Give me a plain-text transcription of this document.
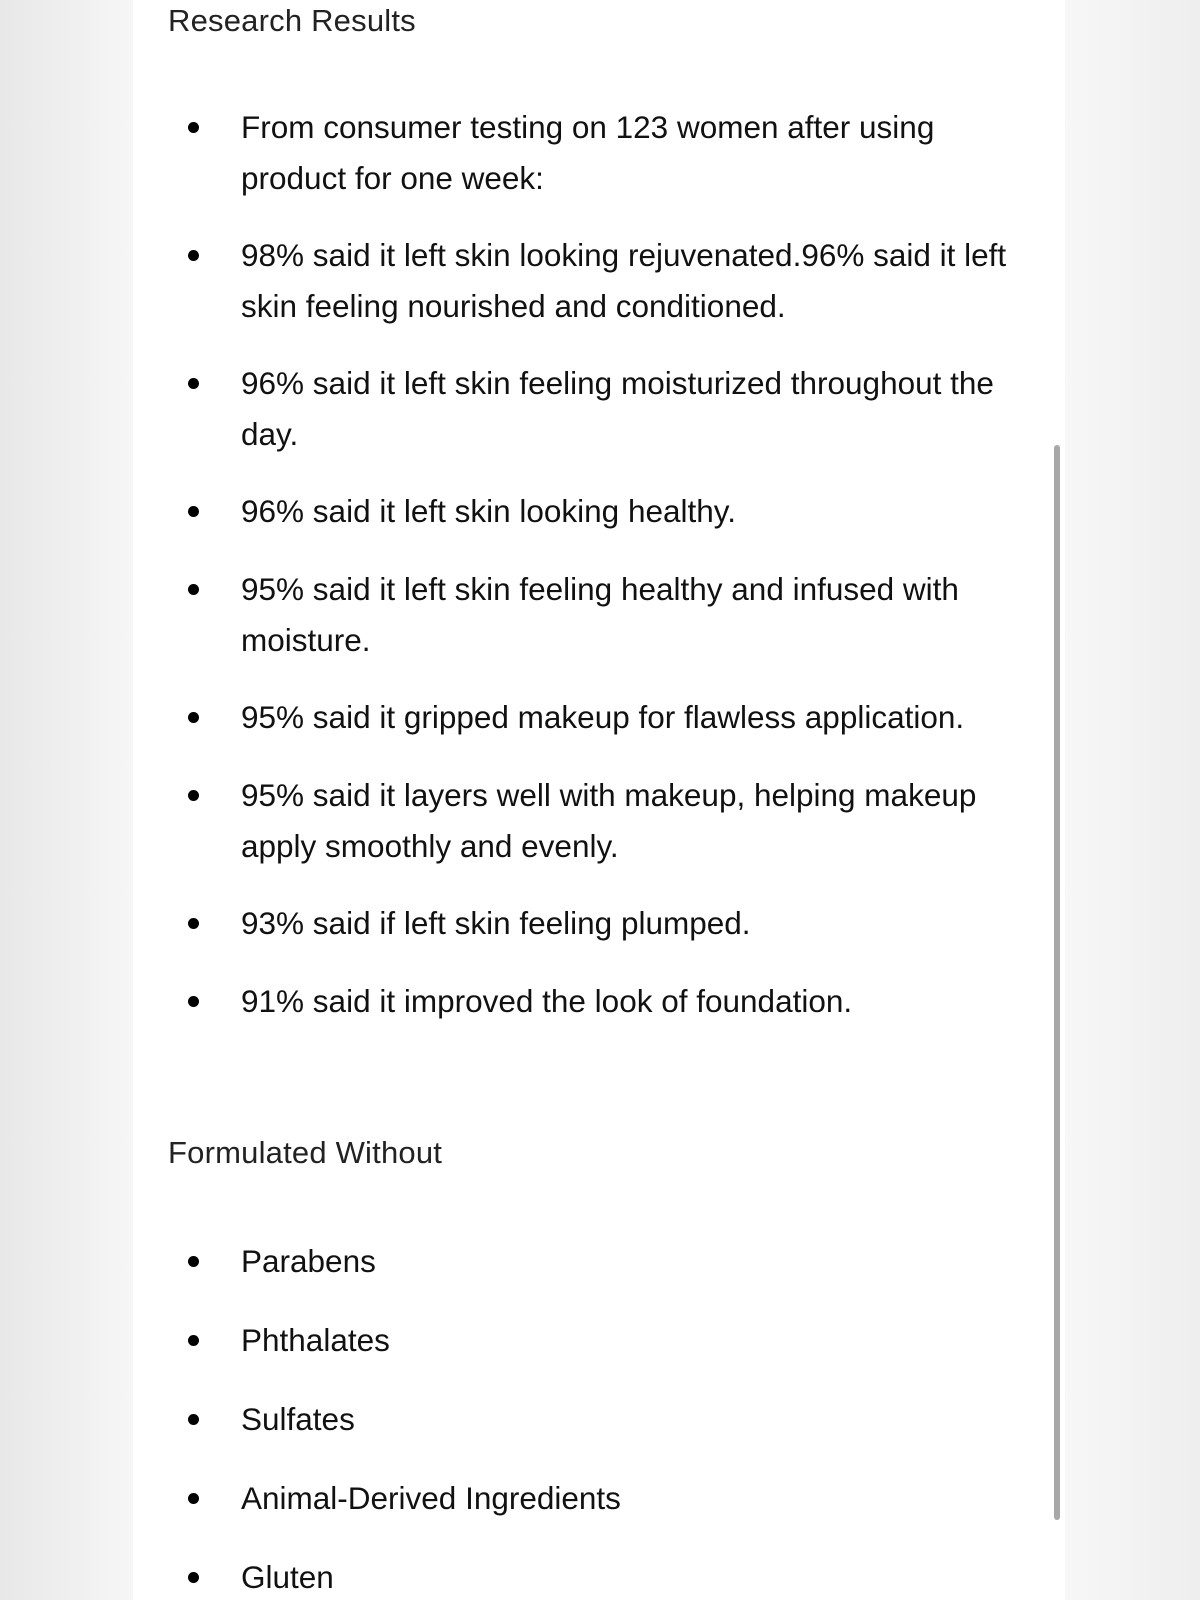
Research Results
From consumer testing on 123 women after using product for one week:
98% said it left skin looking rejuvenated.96% said it left skin feeling nourished and conditioned.
96% said it left skin feeling moisturized throughout the day.
96% said it left skin looking healthy.
95% said it left skin feeling healthy and infused with moisture.
95% said it gripped makeup for flawless application.
95% said it layers well with makeup, helping makeup apply smoothly and evenly.
93% said if left skin feeling plumped.
91% said it improved the look of foundation.
Formulated Without
Parabens
Phthalates
Sulfates
Animal-Derived Ingredients
Gluten
